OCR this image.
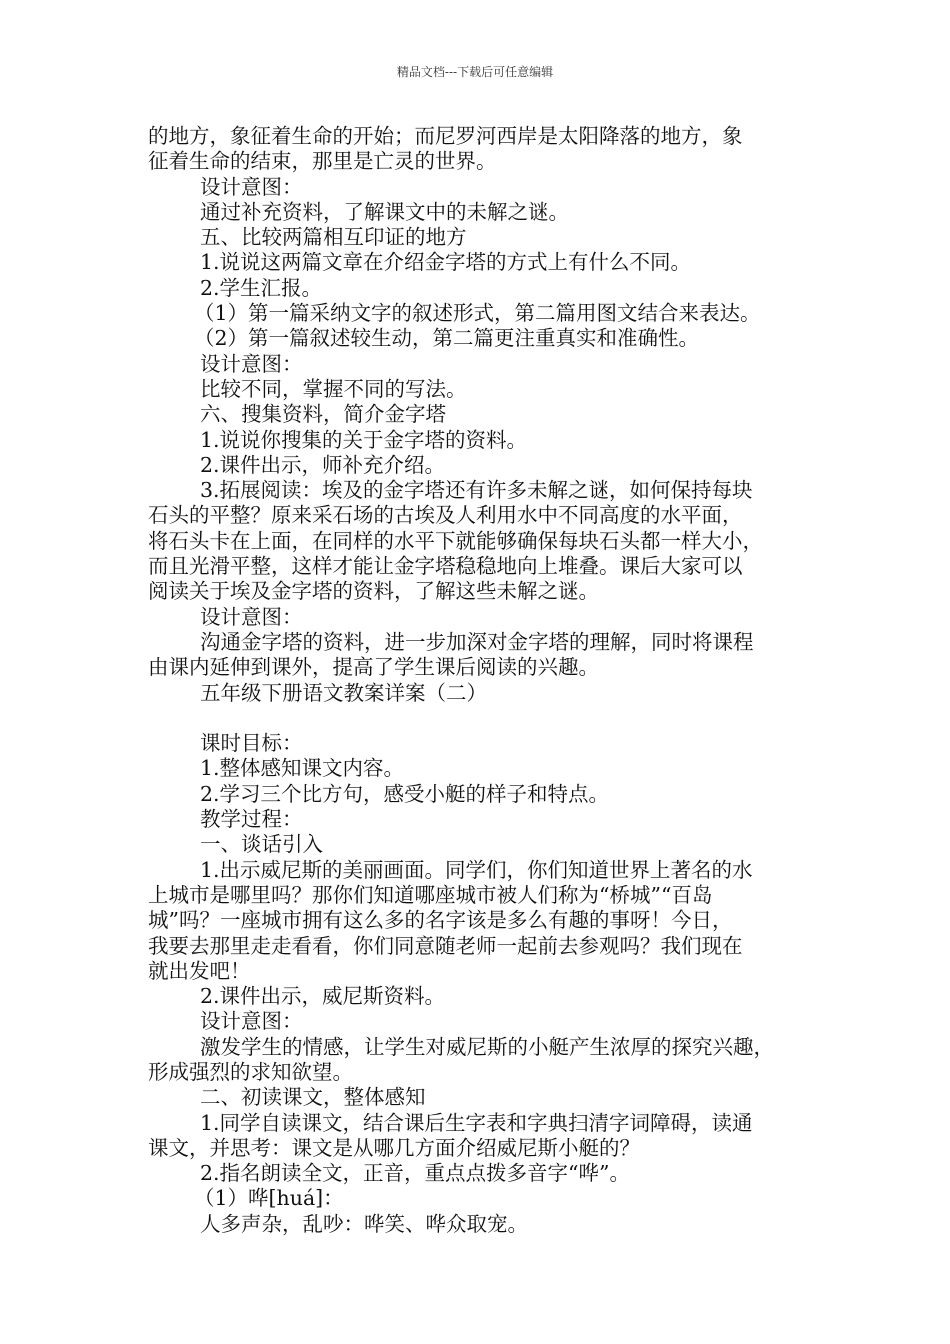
精品文档---下载后可任意编辑
的地方，象征着生命的开始；而尼罗河西岸是太阳降落的地方，象
征着生命的结束，那里是亡灵的世界。
设计意图：
通过补充资料，了解课文中的未解之谜。
五、比较两篇相互印证的地方
1.说说这两篇文章在介绍金字塔的方式上有什么不同。
2.学生汇报。
（1）第一篇采纳文字的叙述形式，第二篇用图文结合来表达。
（2）第一篇叙述较生动，第二篇更注重真实和准确性。
设计意图：
比较不同，掌握不同的写法。
六、搜集资料，简介金字塔
1.说说你搜集的关于金字塔的资料。
2.课件出示，师补充介绍。
3.拓展阅读：埃及的金字塔还有许多未解之谜，如何保持每块
石头的平整？原来采石场的古埃及人利用水中不同高度的水平面，
将石头卡在上面，在同样的水平下就能够确保每块石头都一样大小，
而且光滑平整，这样才能让金字塔稳稳地向上堆叠。课后大家可以
阅读关于埃及金字塔的资料，了解这些未解之谜。
设计意图：
沟通金字塔的资料，进一步加深对金字塔的理解，同时将课程
由课内延伸到课外，提高了学生课后阅读的兴趣。
五年级下册语文教案详案（二）
课时目标：
1.整体感知课文内容。
2.学习三个比方句，感受小艇的样子和特点。
教学过程：
一、谈话引入
1.出示威尼斯的美丽画面。同学们，你们知道世界上著名的水
上城市是哪里吗？那你们知道哪座城市被人们称为“桥城”“百岛
城”吗？一座城市拥有这么多的名字该是多么有趣的事呀！今日，
我要去那里走走看看，你们同意随老师一起前去参观吗？我们现在
就出发吧！
2.课件出示，威尼斯资料。
设计意图：
激发学生的情感，让学生对威尼斯的小艇产生浓厚的探究兴趣，
形成强烈的求知欲望。
二、初读课文，整体感知
1.同学自读课文，结合课后生字表和字典扫清字词障碍，读通
课文，并思考：课文是从哪几方面介绍威尼斯小艇的？
2.指名朗读全文，正音，重点点拨多音字“哗”。
（1）哗[huá]：
人多声杂，乱吵：哗笑、哗众取宠。
